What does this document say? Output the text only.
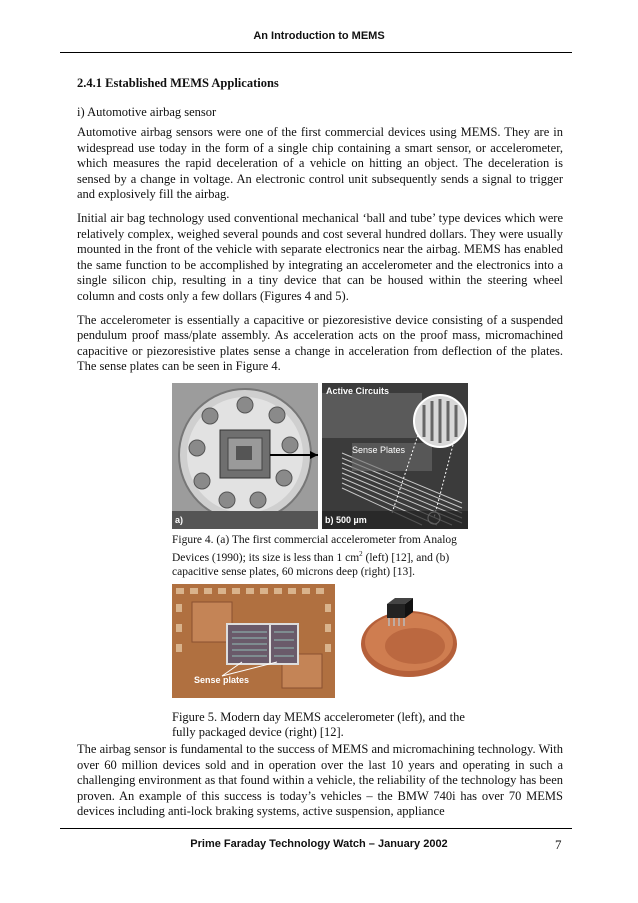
An Introduction to MEMS
2.4.1 Established MEMS Applications
i) Automotive airbag sensor

Automotive airbag sensors were one of the first commercial devices using MEMS. They are in widespread use today in the form of a single chip containing a smart sensor, or accelerometer, which measures the rapid deceleration of a vehicle on hitting an object. The deceleration is sensed by a change in voltage. An electronic control unit subsequently sends a signal to trigger and explosively fill the airbag.

Initial air bag technology used conventional mechanical ‘ball and tube’ type devices which were relatively complex, weighed several pounds and cost several hundred dollars. They were usually mounted in the front of the vehicle with separate electronics near the airbag. MEMS has enabled the same function to be accomplished by integrating an accelerometer and the electronics into a single silicon chip, resulting in a tiny device that can be housed within the steering wheel column and costs only a few dollars (Figures 4 and 5).

The accelerometer is essentially a capacitive or piezoresistive device consisting of a suspended pendulum proof mass/plate assembly. As acceleration acts on the proof mass, micromachined capacitive or piezoresistive plates sense a change in acceleration from deflection of the plates. The sense plates can be seen in Figure 4.

a)
Active Circuits
Sense Plates
b) 500 µm
Figure 4. (a) The first commercial accelerometer from Analog Devices (1990); its size is less than 1 $cm^2$ (left) [12], and (b) capacitive sense plates, 60 microns deep (right) [13].
Sense plates
Figure 5. Modern day MEMS accelerometer (left), and the fully packaged device (right) [12].

The airbag sensor is fundamental to the success of MEMS and micromachining technology. With over 60 million devices sold and in operation over the last 10 years and operating in such a challenging environment as that found within a vehicle, the reliability of the technology has been proven. An example of this success is today’s vehicles – the BMW 740i has over 70 MEMS devices including anti-lock braking systems, active suspension, appliance

Prime Faraday Technology Watch – January 2002	7
